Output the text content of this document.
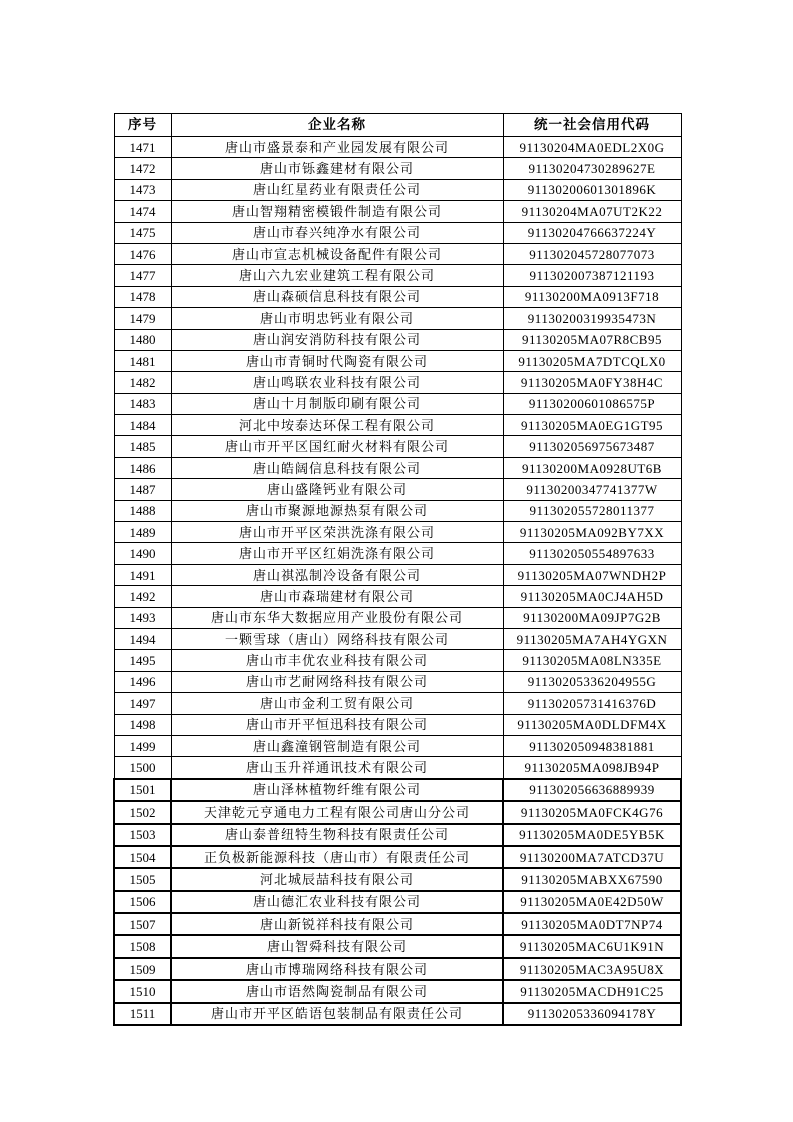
序号	企业名称	统一社会信用代码
1471	唐山市盛景泰和产业园发展有限公司	91130204MA0EDL2X0G
1472	唐山市铄鑫建材有限公司	91130204730289627E
1473	唐山红星药业有限责任公司	91130200601301896K
1474	唐山智翔精密模锻件制造有限公司	91130204MA07UT2K22
1475	唐山市春兴纯净水有限公司	91130204766637224Y
1476	唐山市宣志机械设备配件有限公司	911302045728077073
1477	唐山六九宏业建筑工程有限公司	911302007387121193
1478	唐山森硕信息科技有限公司	91130200MA0913F718
1479	唐山市明忠钙业有限公司	91130200319935473N
1480	唐山润安消防科技有限公司	91130205MA07R8CB95
1481	唐山市青铜时代陶瓷有限公司	91130205MA7DTCQLX0
1482	唐山鸣联农业科技有限公司	91130205MA0FY38H4C
1483	唐山十月制版印刷有限公司	91130200601086575P
1484	河北中垵泰达环保工程有限公司	91130205MA0EG1GT95
1485	唐山市开平区国红耐火材料有限公司	911302056975673487
1486	唐山皓阔信息科技有限公司	91130200MA0928UT6B
1487	唐山盛隆钙业有限公司	91130200347741377W
1488	唐山市聚源地源热泵有限公司	911302055728011377
1489	唐山市开平区荣洪洗涤有限公司	91130205MA092BY7XX
1490	唐山市开平区红娟洗涤有限公司	911302050554897633
1491	唐山祺泓制冷设备有限公司	91130205MA07WNDH2P
1492	唐山市森瑞建材有限公司	91130205MA0CJ4AH5D
1493	唐山市东华大数据应用产业股份有限公司	91130200MA09JP7G2B
1494	一颗雪球（唐山）网络科技有限公司	91130205MA7AH4YGXN
1495	唐山市丰优农业科技有限公司	91130205MA08LN335E
1496	唐山市艺耐网络科技有限公司	91130205336204955G
1497	唐山市金利工贸有限公司	91130205731416376D
1498	唐山市开平恒迅科技有限公司	91130205MA0DLDFM4X
1499	唐山鑫潼钢管制造有限公司	911302050948381881
1500	唐山玉升祥通讯技术有限公司	91130205MA098JB94P
1501	唐山泽林植物纤维有限公司	911302056636889939
1502	天津乾元亨通电力工程有限公司唐山分公司	91130205MA0FCK4G76
1503	唐山泰普纽特生物科技有限责任公司	91130205MA0DE5YB5K
1504	正负极新能源科技（唐山市）有限责任公司	91130200MA7ATCD37U
1505	河北城辰喆科技有限公司	91130205MABXX67590
1506	唐山德汇农业科技有限公司	91130205MA0E42D50W
1507	唐山新锐祥科技有限公司	91130205MA0DT7NP74
1508	唐山智舜科技有限公司	91130205MAC6U1K91N
1509	唐山市博瑞网络科技有限公司	91130205MAC3A95U8X
1510	唐山市语然陶瓷制品有限公司	91130205MACDH91C25
1511	唐山市开平区皓语包装制品有限责任公司	91130205336094178Y
